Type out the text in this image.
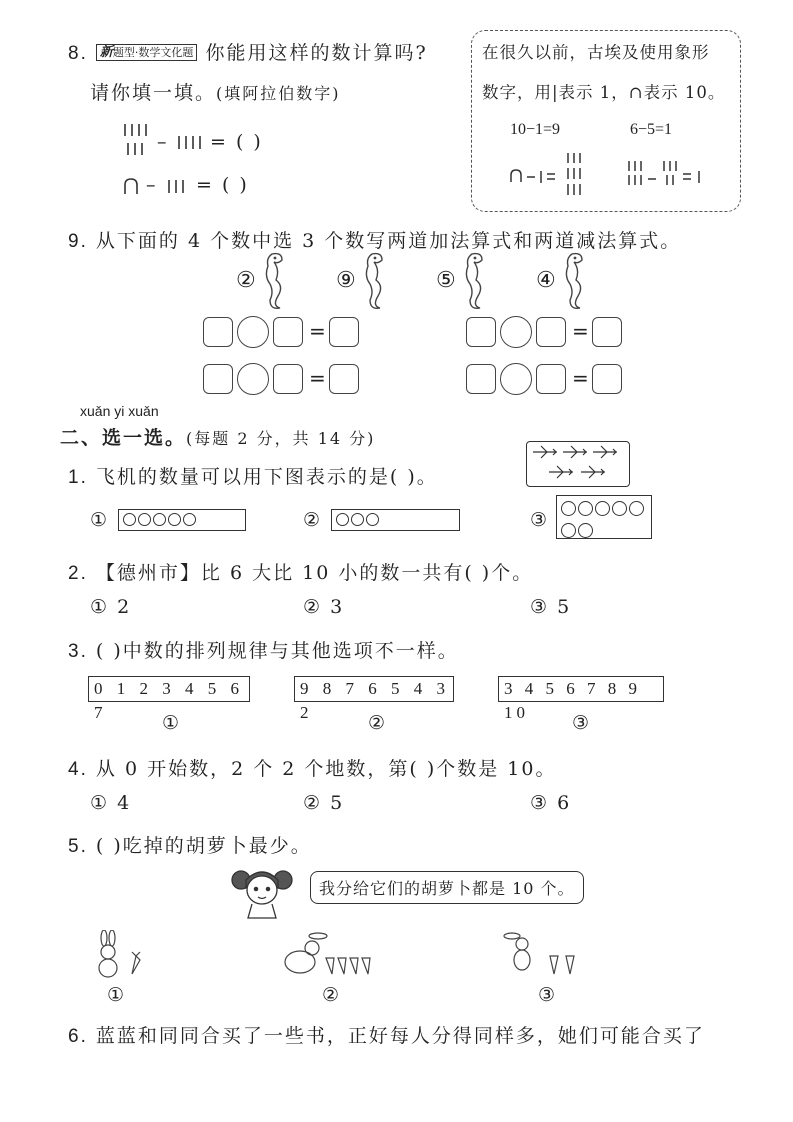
8. 新题型·数学文化题 你能用这样的数计算吗?
请你填一填。(填阿拉伯数字)
– = ( )
– = ( )
在很久以前，古埃及使用象形
数字，用|表示 1，∩表示 10。
10−1=9	6−5=1
9. 从下面的 4 个数中选 3 个数写两道加法算式和两道减法算式。
②	⑨	⑤	④
=	=
=	=
xuǎn yi xuǎn
二、选一选。(每题 2 分，共 14 分)
1. 飞机的数量可以用下图表示的是( )。
①	②	③
2. 【德州市】比 6 大比 10 小的数一共有( )个。
① 2	② 3	③ 5
3. ( )中数的排列规律与其他选项不一样。
0 1 2 3 4 5 6 7
9 8 7 6 5 4 3 2
3 4 5 6 7 8 9 10
①	②	③
4. 从 0 开始数，2 个 2 个地数，第( )个数是 10。
① 4	② 5	③ 6
5. ( )吃掉的胡萝卜最少。
我分给它们的胡萝卜都是 10 个。
①	②	③
6. 蓝蓝和同同合买了一些书，正好每人分得同样多，她们可能合买了
